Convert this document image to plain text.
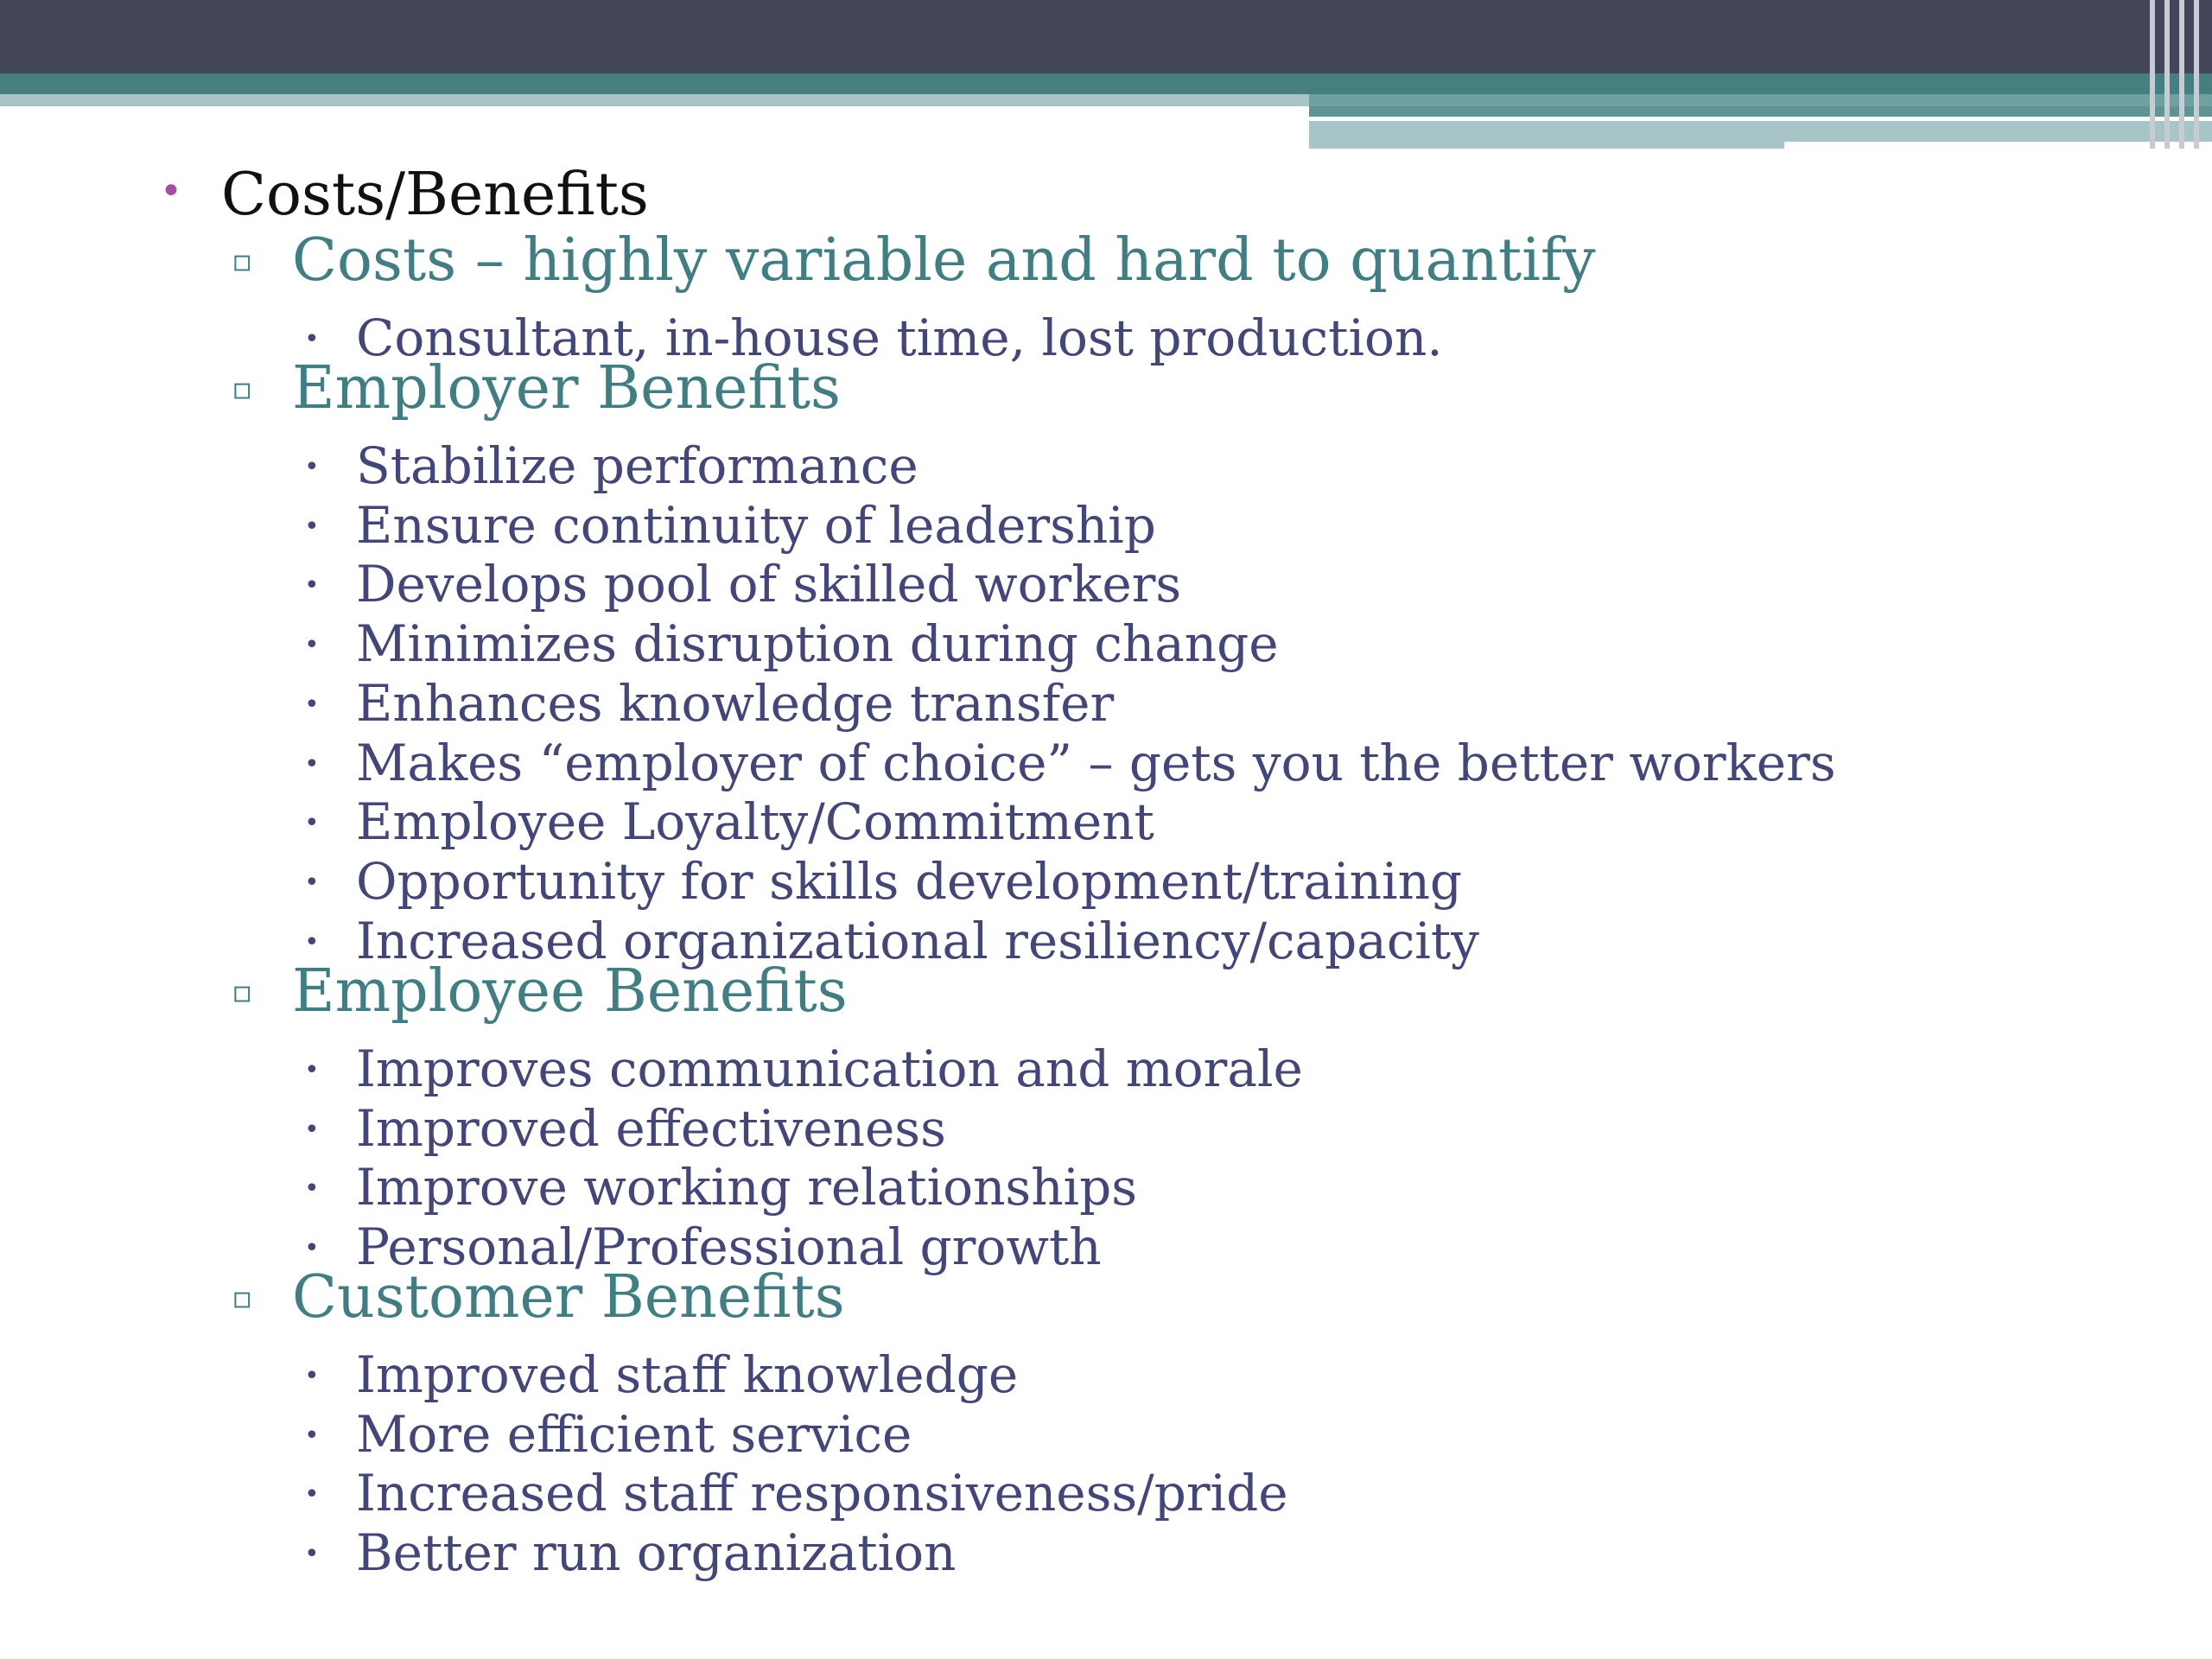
• Costs/Benefits
▫ Costs – highly variable and hard to quantify
• Consultant, in-house time, lost production.
▫ Employer Benefits
• Stabilize performance
• Ensure continuity of leadership
• Develops pool of skilled workers
• Minimizes disruption during change
• Enhances knowledge transfer
• Makes “employer of choice” – gets you the better workers
• Employee Loyalty/Commitment
• Opportunity for skills development/training
• Increased organizational resiliency/capacity
▫ Employee Benefits
• Improves communication and morale
• Improved effectiveness
• Improve working relationships
• Personal/Professional growth
▫ Customer Benefits
• Improved staff knowledge
• More efficient service
• Increased staff responsiveness/pride
• Better run organization
